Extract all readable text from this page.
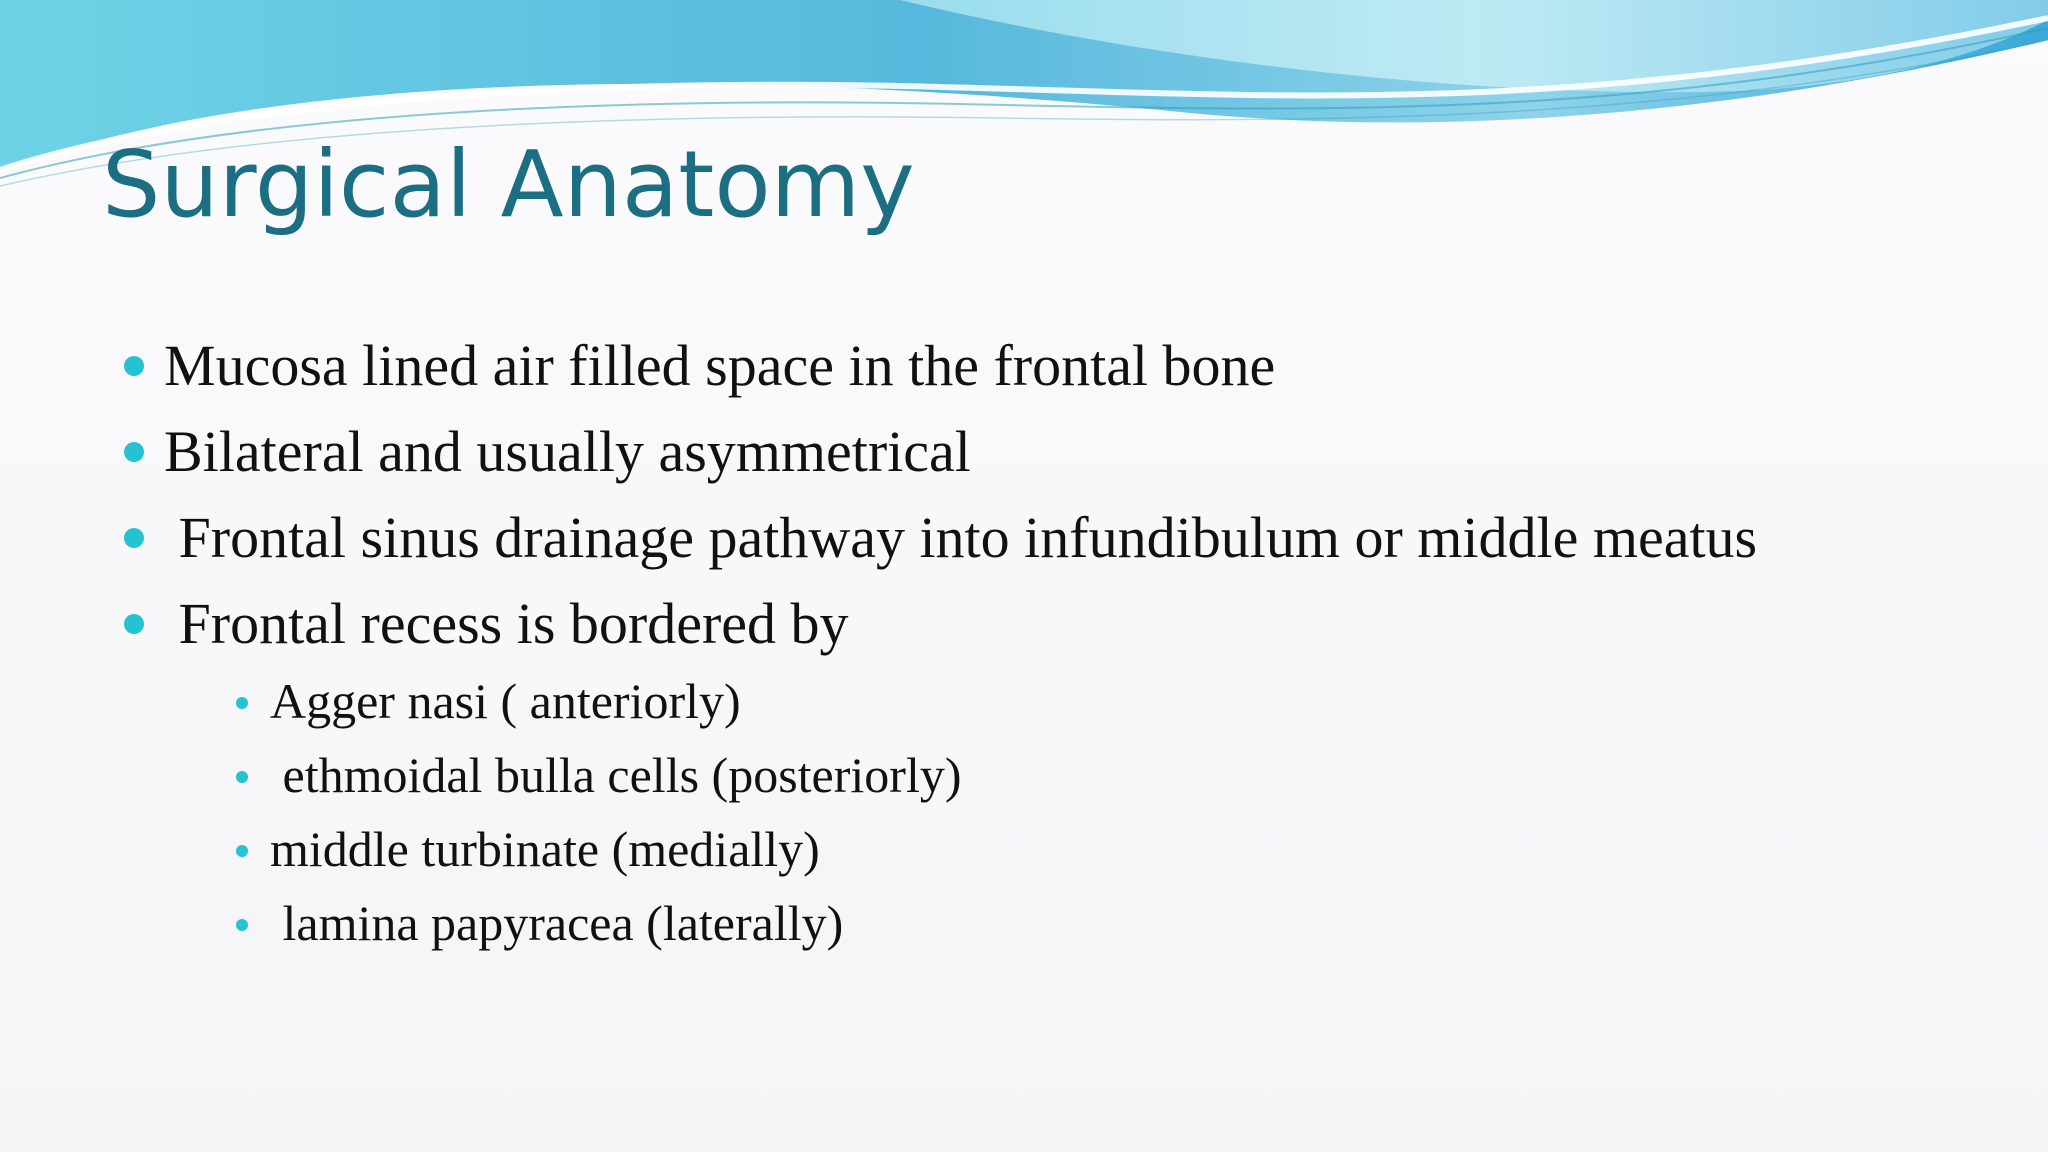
Surgical Anatomy
Mucosa lined air filled space in the frontal bone
Bilateral and usually asymmetrical
Frontal sinus drainage pathway into infundibulum or middle meatus
Frontal recess is bordered by
Agger nasi ( anteriorly)
ethmoidal bulla cells (posteriorly)
middle turbinate (medially)
lamina papyracea (laterally)
